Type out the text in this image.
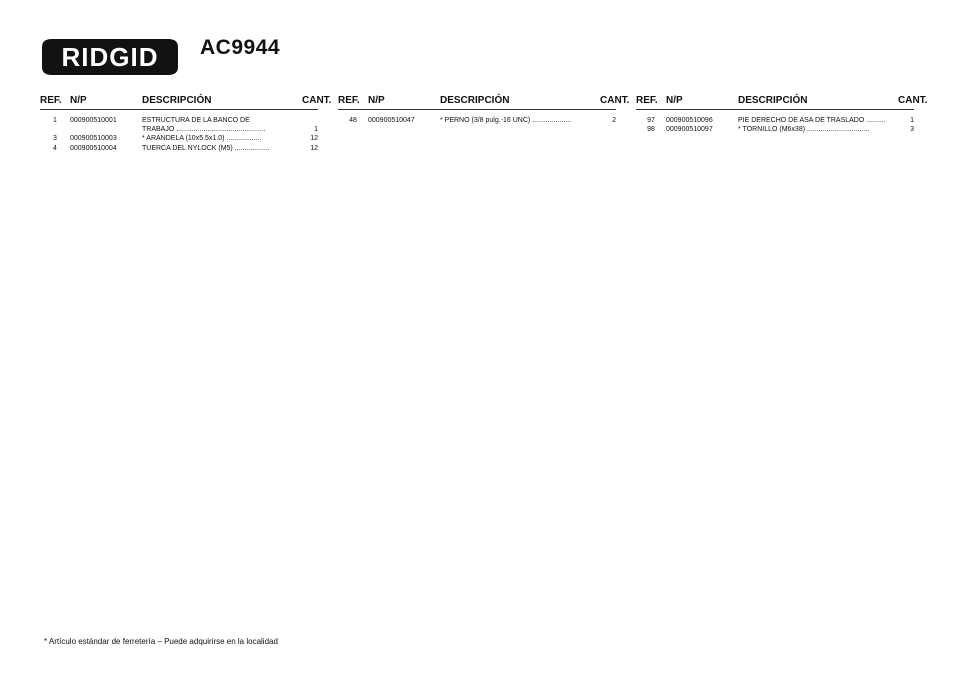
RIDGID AC9944
REF. N/P	DESCRIPCIÓN	CANT.
1	000900510001	ESTRUCTURA DE LA BANCO DE
TRABAJO ..............................................	1
3	000900510003	* ARANDELA (10x5.5x1.0) ..................	12
4	000900510004	TUERCA DEL NYLOCK (M5) ..................	12
REF. N/P	DESCRIPCIÓN	CANT.
48	000900510047	* PERNO (3/8 pulg.-16 UNC) ....................	2
REF. N/P	DESCRIPCIÓN	CANT.
97	000900510096	PIE DERECHO DE ASA DE TRASLADO ..........	1
98	000900510097	* TORNILLO (M6x38) ................................	3
* Artículo estándar de ferretería – Puede adquirirse en la localidad
